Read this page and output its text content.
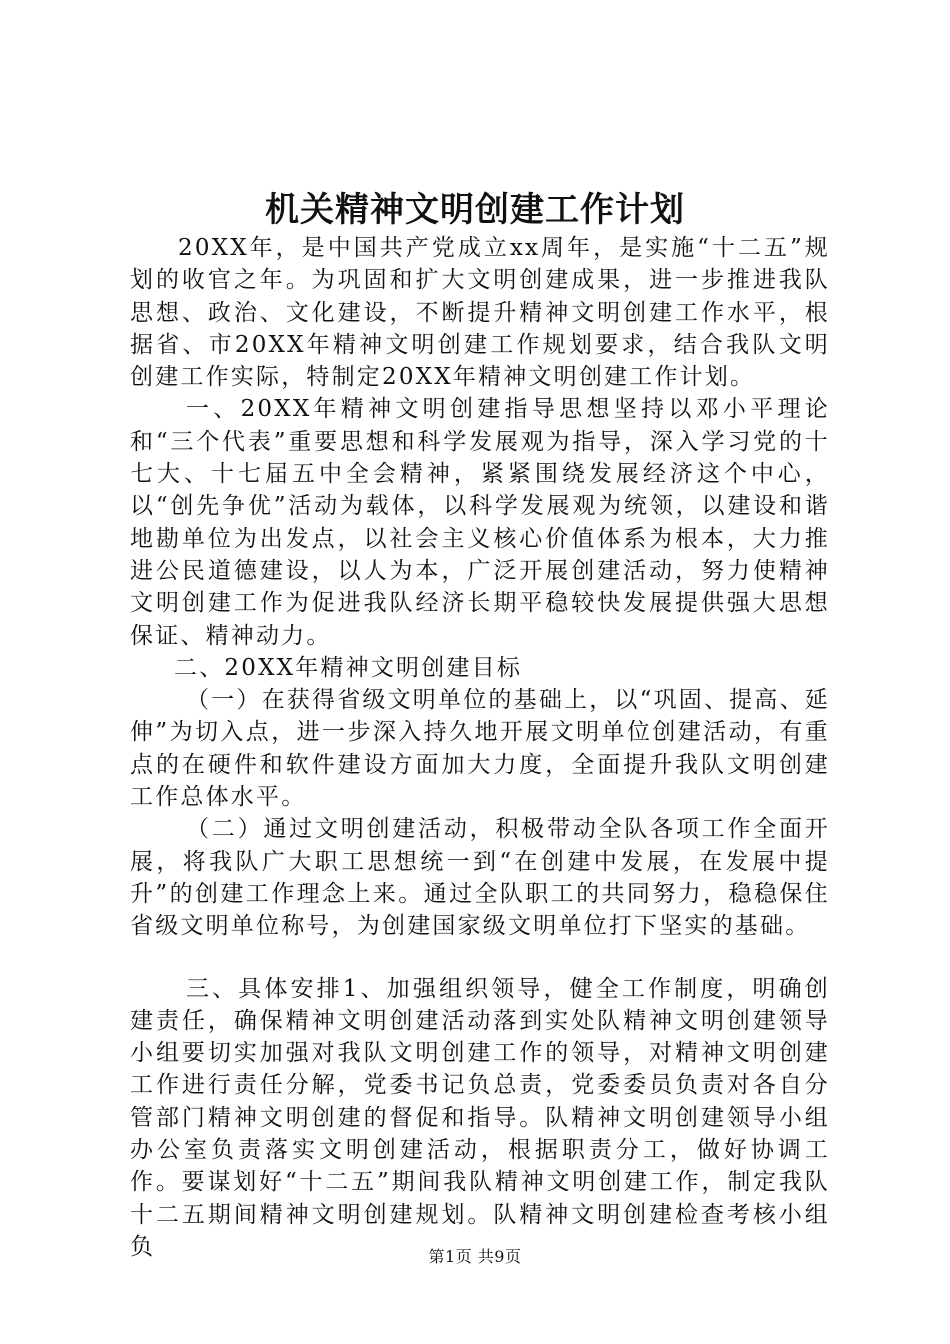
机关精神文明创建工作计划

20XX年，是中国共产党成立xx周年，是实施“十二五”规划的收官之年。为巩固和扩大文明创建成果，进一步推进我队思想、政治、文化建设，不断提升精神文明创建工作水平，根据省、市20XX年精神文明创建工作规划要求，结合我队文明创建工作实际，特制定20XX年精神文明创建工作计划。

一、20XX年精神文明创建指导思想坚持以邓小平理论和“三个代表”重要思想和科学发展观为指导，深入学习党的十七大、十七届五中全会精神，紧紧围绕发展经济这个中心，以“创先争优”活动为载体，以科学发展观为统领，以建设和谐地勘单位为出发点，以社会主义核心价值体系为根本，大力推进公民道德建设，以人为本，广泛开展创建活动，努力使精神文明创建工作为促进我队经济长期平稳较快发展提供强大思想保证、精神动力。

二、20XX年精神文明创建目标

（一）在获得省级文明单位的基础上，以“巩固、提高、延伸”为切入点，进一步深入持久地开展文明单位创建活动，有重点的在硬件和软件建设方面加大力度，全面提升我队文明创建工作总体水平。

（二）通过文明创建活动，积极带动全队各项工作全面开展，将我队广大职工思想统一到“在创建中发展，在发展中提升”的创建工作理念上来。通过全队职工的共同努力，稳稳保住省级文明单位称号，为创建国家级文明单位打下坚实的基础。

三、具体安排1、加强组织领导，健全工作制度，明确创建责任，确保精神文明创建活动落到实处队精神文明创建领导小组要切实加强对我队文明创建工作的领导，对精神文明创建工作进行责任分解，党委书记负总责，党委委员负责对各自分管部门精神文明创建的督促和指导。队精神文明创建领导小组办公室负责落实文明创建活动，根据职责分工，做好协调工作。要谋划好“十二五”期间我队精神文明创建工作，制定我队十二五期间精神文明创建规划。队精神文明创建检查考核小组负	第1页 共9页
